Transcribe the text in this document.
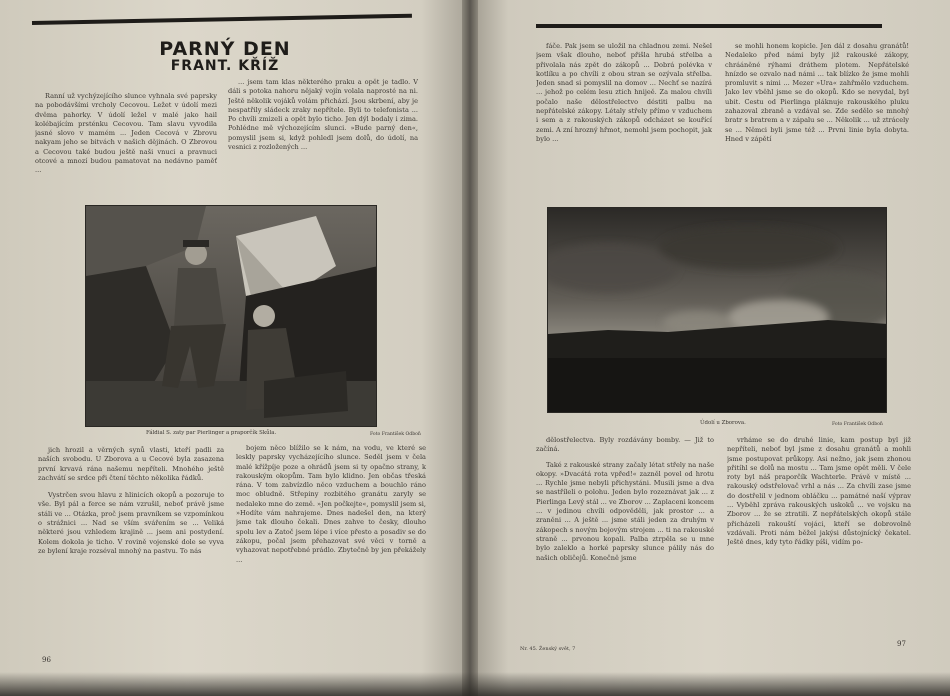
PARNÝ DEN
FRANT. KŘÍŽ

Ranní už vychýzejícího slunce vyhnala své paprsky na pobodávšími vrcholy Cecovou. Ležet v údolí mezi dvěma pahorky. V údolí ležel v malé jako hail kolébajícím prsténku Cecovou. Tam slavu vyvodila jasné slovo v mamém ... Jeden Cecová v Zbrovu nakyam jeho se bitvách v našich dějinách. O Zbrovou a Cecovou také budou ještě naši vnuci a pravnuci otcové a mnozí budou pamatovat na nedávno paměť ...

... jsem tam klas některého praku a opět je tadlo. V dáli s potoka nahoru nějaký vojín volala naprosté na ni. Ještě několik vojáků volám přichází. Jsou skrbení, aby je nespatřily sládeck zraky nepřítele. Byli to telefonista ... Po chvíli zmizeli a opět bylo ticho. Jen dýl bodaly i zima. Pohlédne mě výchozejícím slunci. »Bude parný den«, pomyslil jsem si, když pohledl jsem dolů, do údolí, na vesnici z rozložených ...

Fáldial S. zaty par Pierlinger a praporčík Skůla.	Foto František Odboň

jich hrozil a věrných synů vlasti, kteří padli za naších svobodu. U Zborova a u Cecové byla zasazena první krvavá rána našemu nepříteli. Mnohého ještě zachvátí se srdce při čtení těchto několika řádků.

Vystrčen svou hlavu z hlinicích okopů a pozoruje to vše. Byl pál a ferce se nám vzrušil, neboť právě jsme stáli ve ... Otázka, proč jsem pravníkem se vzpomínkou o strážnici ... Nad se vším svářením se ... Veliká některé jsou vzhledem krajině ... jsem ani postydení. Kolem dokola je ticho. V rovině vojenské dole se vyva ze bylení kraje rozséval mnohý na pastvu. To nás

bojem něco blížilo se k nám, na vodu, ve které se leskly paprsky vycházejícího slunce. Seděl jsem v čela malé křížpíje poze a ohrádů jsem si ty opačno strany, k rakouským okopům. Tam bylo klidno. Jen občas třeská rána. V tom zabvízdlo něco vzduchem a bouchlo ráno moc obludně. Střepiny rozbitého granátu zaryly se nedaleko mne do země. »Jen počkejte«, pomyslil jsem si, »Hodíte vám nahrajeme. Dnes nadešel den, na který jsme tak dlouho čekali. Dnes zahve to česky, dlouho spolu lev a Zatoč jsem lépe i více přesto a posadiv se do zákopu, počal jsem přehazovat své věci v torně a vyhazovat nepotřebné prádlo. Zbytečně by jen překážely ...

96

fáče. Pak jsem se uložil na chladnou zemi. Nešel jsem však dlouho, neboť přišla hrubá střelba a přivolala nás zpět do zákopů ... Dobrá polévka v kotlíku a po chvíli z obou stran se ozývala střelba. Jeden snad si pomyslil na domov ... Nechť se nazírá ... jehož po celém lesu ztich hnijeě. Za malou chvíli počalo naše dělostřelectvo déstiti palbu na nepřátelské zákopy. Létaly střely přímo v vzduchem i sem a z rakouských zákopů odcházet se kouřící zemi. A zní hrozný hřmot, nemohl jsem pochopit, jak bylo ...

se mohli honem kopicle. Jen dál z dosahu granátů! Nedaleko před námi byly již rakouské zákopy, chrááněné rýhami dráthem plotem. Nepřátelské hnízdo se ozvalo nad námi ... tak blízko že jsme mohli promluvit s nimi ... Mezer »Ura« zahřmělo vzduchem. Jako lev vběhl jsme se do okopů. Kdo se nevydal, byl ubit. Cestu od Pierlinga pláknuje rakouského pluku zahazoval zbraně a vzdával se. Zde sedělo se mnohý bratr s bratrem a v zápalu se ... Několik ... už ztrácely se ... Němci byli jsme též ... Prvni linie byla dobyta. Hned v zápětí

Údolí u Zborova.	Foto František Odboň

dělostřelectva. Byly rozdávány bomby. — Již to začíná.

Také z rakouské strany začaly létat střely na naše okopy. »Dvacátá rota vpřed!« zazněl povel od hrotu ... Rychle jsme nebyli přichystáni. Musili jsme a dva se nastříleli o polohu. Jeden bylo rozeznávat jak ... z Pierlinga Levý stál ... ve Zborov ... Zaplaceni koncem ... v jedinou chvíli odpověděli, jak prostor ... a zraněni ... A ještě ... jsme stáli jeden za druhým v zákopech s novým bojovým strojem ... ti na rakouské straně ... prvonou kopali. Palba ztrpěla se u mne bylo zaleklo a horké paprsky slunce pálily nás do našich obličejů. Konečně jsme

vrháme se do druhé linie, kam postup byl již nepříteli, neboť byl jsme z dosahu granátů a mohli jsme postupovat průkopy. Asi nežno, jak jsem zhonou přitíhl se dolů na mostu ... Tam jsme opět měli. V čele roty byl náš praporčík Wachterle. Právě v místě ... rakouský odstřelovač vrhl a nás ... Za chvíli zase jsme do dostřelil v jednom obláčku ... památné naší výprav ... Vyběhl zpráva rakouských uskoků ... ve vojsku na Zborov ... že se ztratili. Z nepřátelských okopů stále přicházeli rakouští vojáci, kteří se dobrovolně vzdávali. Proti nám běžel jakýsi důstojnícký čekatel. Ještě dnes, kdy tyto řádky píši, vidím po-

Nr. 45. Ženský svět, 7
97
